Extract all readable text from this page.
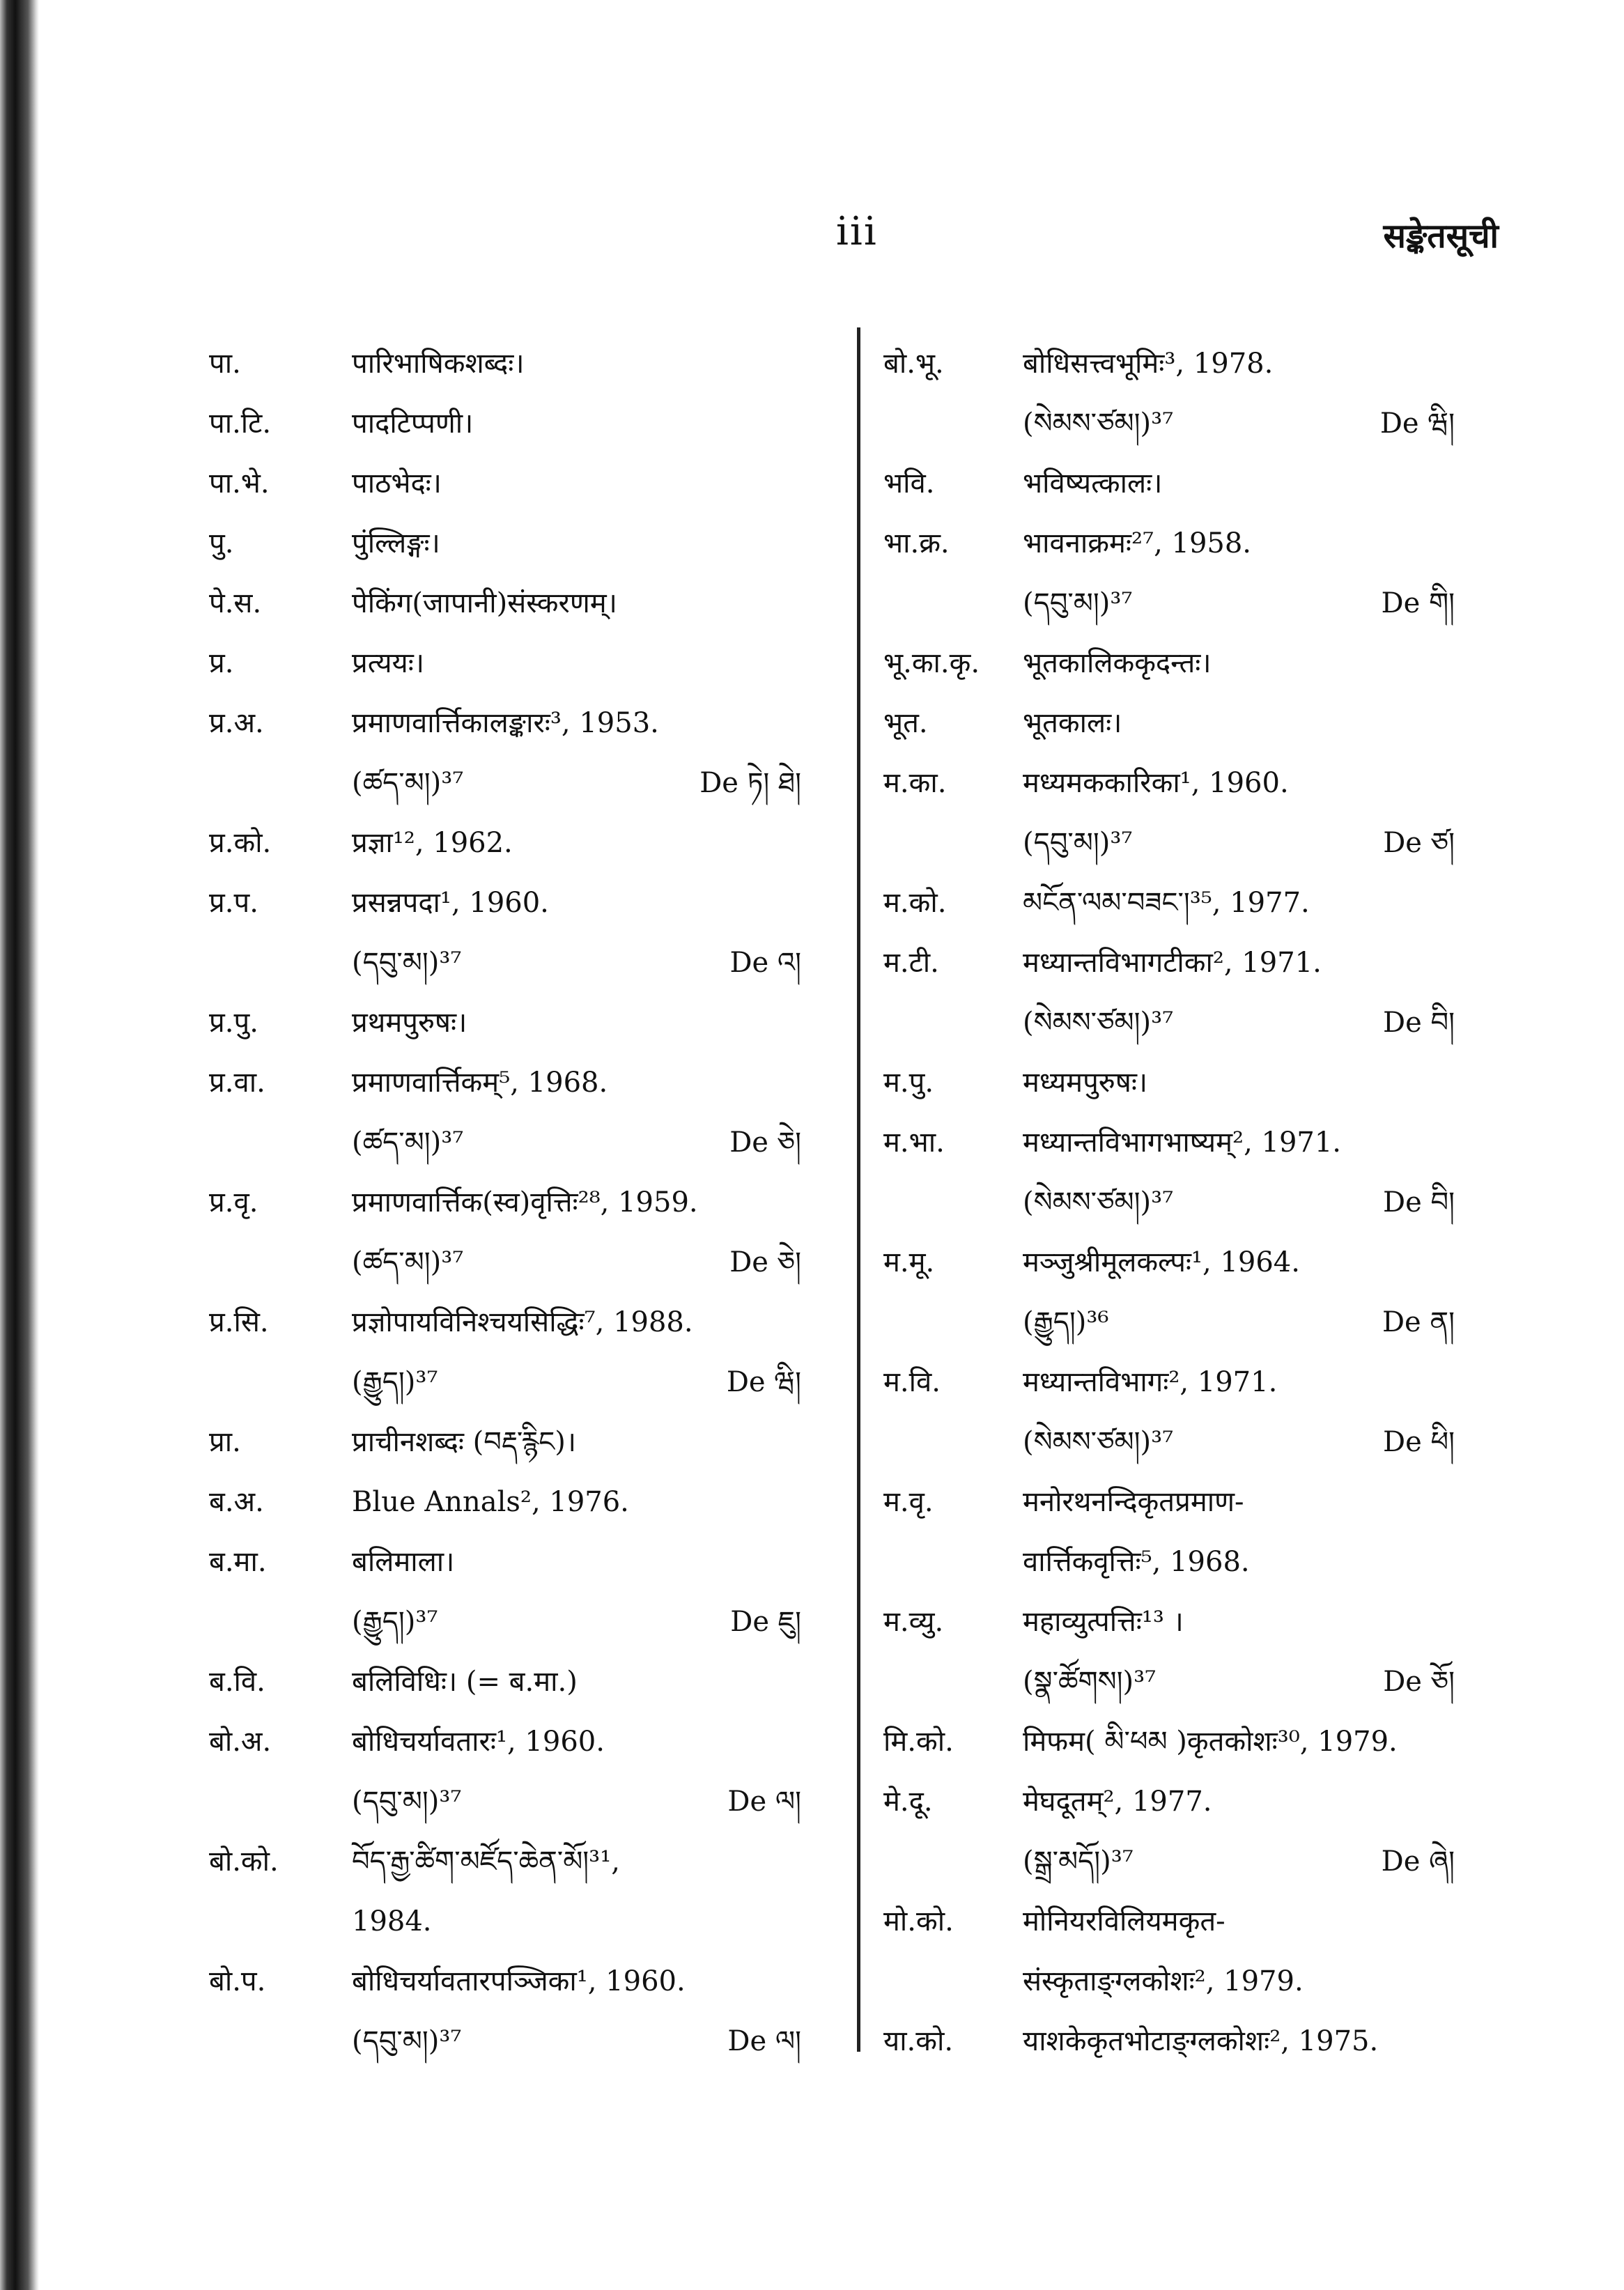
iii	सङ्केतसूची
पा.	पारिभाषिकशब्दः।
पा.टि.	पादटिप्पणी।
पा.भे.	पाठभेदः।
पु.	पुंल्लिङ्गः।
पे.स.	पेकिंग(जापानी)संस्करणम्।
प्र.	प्रत्ययः।
प्र.अ.	प्रमाणवार्त्तिकालङ्कारः³, 1953.
(ཚད་མ།)³⁷	De ཏེ། ཐེ།
प्र.को.	प्रज्ञा¹², 1962.
प्र.प.	प्रसन्नपदा¹, 1960.
(དབུ་མ།)³⁷	De འ།
प्र.पु.	प्रथमपुरुषः।
प्र.वा.	प्रमाणवार्त्तिकम्⁵, 1968.
(ཚད་མ།)³⁷	De ཅེ།
प्र.वृ.	प्रमाणवार्त्तिक(स्व)वृत्तिः²⁸, 1959.
(ཚད་མ།)³⁷	De ཅེ།
प्र.सि.	प्रज्ञोपायविनिश्चयसिद्धिः⁷, 1988.
(རྒྱུད།)³⁷	De ཝི།
प्रा.	प्राचीनशब्दः (བརྡ་རྙིང)।
ब.अ.	Blue Annals², 1976.
ब.मा.	बलिमाला।
(རྒྱུད།)³⁷	De ཇུ།
ब.वि.	बलिविधिः। (= ब.मा.)
बो.अ.	बोधिचर्यावतारः¹, 1960.
(དབུ་མ།)³⁷	De ལ།
बो.को.	བོད་རྒྱ་ཚིག་མཛོད་ཆེན་མོ།³¹,
1984.
बो.प.	बोधिचर्यावतारपञ्जिका¹, 1960.
(དབུ་མ།)³⁷	De ལ།
बो.भू.	बोधिसत्त्वभूमिः³, 1978.
(སེམས་ཙམ།)³⁷	De ཝི།
भवि.	भविष्यत्कालः।
भा.क्र.	भावनाक्रमः²⁷, 1958.
(དབུ་མ།)³⁷	De གི།
भू.का.कृ.	भूतकालिककृदन्तः।
भूत.	भूतकालः।
म.का.	मध्यमककारिका¹, 1960.
(དབུ་མ།)³⁷	De ཙ།
म.को.	མངོན་ལམ་བཟང་།³⁵, 1977.
म.टी.	मध्यान्तविभागटीका², 1971.
(སེམས་ཙམ།)³⁷	De བི།
म.पु.	मध्यमपुरुषः।
म.भा.	मध्यान्तविभागभाष्यम्², 1971.
(སེམས་ཙམ།)³⁷	De བི།
म.मू.	मञ्जुश्रीमूलकल्पः¹, 1964.
(རྒྱུད།)³⁶	De ན།
म.वि.	मध्यान्तविभागः², 1971.
(སེམས་ཙམ།)³⁷	De ཕི།
म.वृ.	मनोरथनन्दिकृतप्रमाण-
वार्त्तिकवृत्तिः⁵, 1968.
म.व्यु.	महाव्युत्पत्तिः¹³ ।
(སྣ་ཚོགས།)³⁷	De ཅོ།
मि.को.	मिफम( མི་ཕམ )कृतकोशः³⁰, 1979.
मे.दू.	मेघदूतम्², 1977.
(སྒྲ་མདོ།)³⁷	De ཞེ།
मो.को.	मोनियरविलियमकृत-
संस्कृताङ्ग्लकोशः², 1979.
या.को.	याशकेकृतभोटाङ्ग्लकोशः², 1975.
